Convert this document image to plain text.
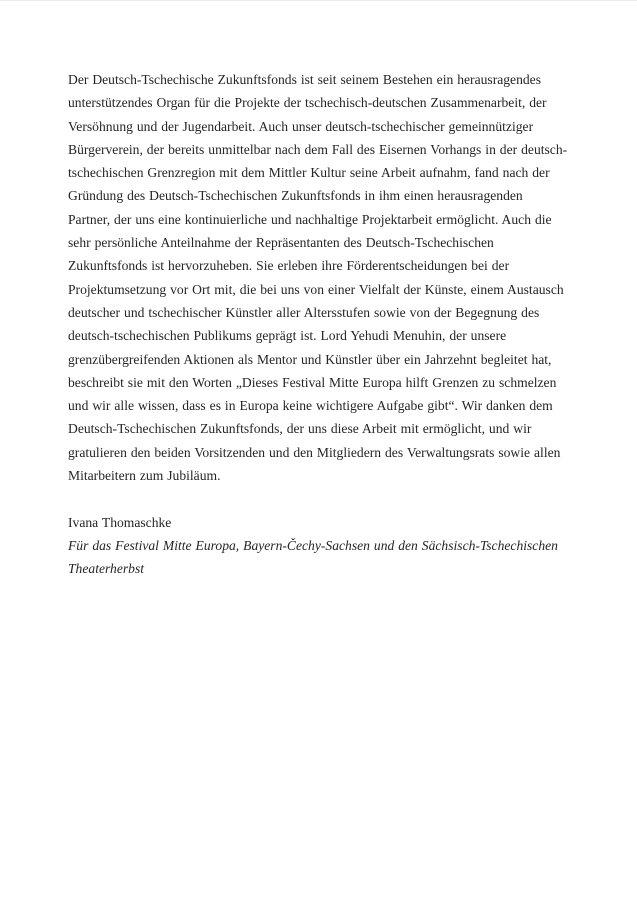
Der Deutsch-Tschechische Zukunftsfonds ist seit seinem Bestehen ein herausragendes

unterstützendes Organ für die Projekte der tschechisch-deutschen Zusammenarbeit, der

Versöhnung und der Jugendarbeit. Auch unser deutsch-tschechischer gemeinnütziger

Bürgerverein, der bereits unmittelbar nach dem Fall des Eisernen Vorhangs in der deutsch-

tschechischen Grenzregion mit dem Mittler Kultur seine Arbeit aufnahm, fand nach der

Gründung des Deutsch-Tschechischen Zukunftsfonds in ihm einen herausragenden

Partner, der uns eine kontinuierliche und nachhaltige Projektarbeit ermöglicht. Auch die

sehr persönliche Anteilnahme der Repräsentanten des Deutsch-Tschechischen

Zukunftsfonds ist hervorzuheben. Sie erleben ihre Förderentscheidungen bei der

Projektumsetzung vor Ort mit, die bei uns von einer Vielfalt der Künste, einem Austausch

deutscher und tschechischer Künstler aller Altersstufen sowie von der Begegnung des

deutsch-tschechischen Publikums geprägt ist. Lord Yehudi Menuhin, der unsere

grenzübergreifenden Aktionen als Mentor und Künstler über ein Jahrzehnt begleitet hat,

beschreibt sie mit den Worten „Dieses Festival Mitte Europa hilft Grenzen zu schmelzen

und wir alle wissen, dass es in Europa keine wichtigere Aufgabe gibt“. Wir danken dem

Deutsch-Tschechischen Zukunftsfonds, der uns diese Arbeit mit ermöglicht, und wir

gratulieren den beiden Vorsitzenden und den Mitgliedern des Verwaltungsrats sowie allen

Mitarbeitern zum Jubiläum.

Ivana Thomaschke

Für das Festival Mitte Europa, Bayern-Čechy-Sachsen und den Sächsisch-Tschechischen

Theaterherbst
